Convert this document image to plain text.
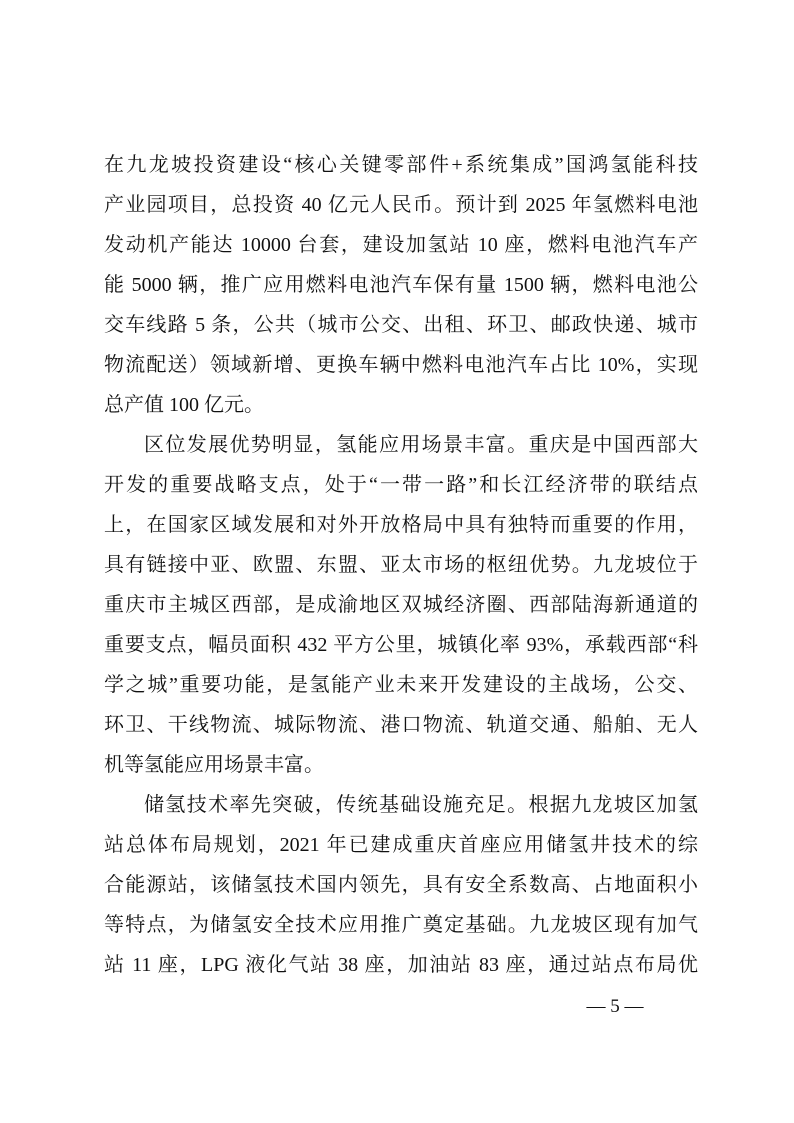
在九龙坡投资建设“核心关键零部件+系统集成”国鸿氢能科技
产业园项目，总投资 40 亿元人民币。预计到 2025 年氢燃料电池
发动机产能达 10000 台套，建设加氢站 10 座，燃料电池汽车产
能 5000 辆，推广应用燃料电池汽车保有量 1500 辆，燃料电池公
交车线路 5 条，公共（城市公交、出租、环卫、邮政快递、城市
物流配送）领域新增、更换车辆中燃料电池汽车占比 10%，实现
总产值 100 亿元。
区位发展优势明显，氢能应用场景丰富。重庆是中国西部大
开发的重要战略支点，处于“一带一路”和长江经济带的联结点
上，在国家区域发展和对外开放格局中具有独特而重要的作用，
具有链接中亚、欧盟、东盟、亚太市场的枢纽优势。九龙坡位于
重庆市主城区西部，是成渝地区双城经济圈、西部陆海新通道的
重要支点，幅员面积 432 平方公里，城镇化率 93%，承载西部“科
学之城”重要功能，是氢能产业未来开发建设的主战场，公交、
环卫、干线物流、城际物流、港口物流、轨道交通、船舶、无人
机等氢能应用场景丰富。
储氢技术率先突破，传统基础设施充足。根据九龙坡区加氢
站总体布局规划，2021 年已建成重庆首座应用储氢井技术的综
合能源站，该储氢技术国内领先，具有安全系数高、占地面积小
等特点，为储氢安全技术应用推广奠定基础。九龙坡区现有加气
站 11 座，LPG 液化气站 38 座，加油站 83 座，通过站点布局优
— 5 —
